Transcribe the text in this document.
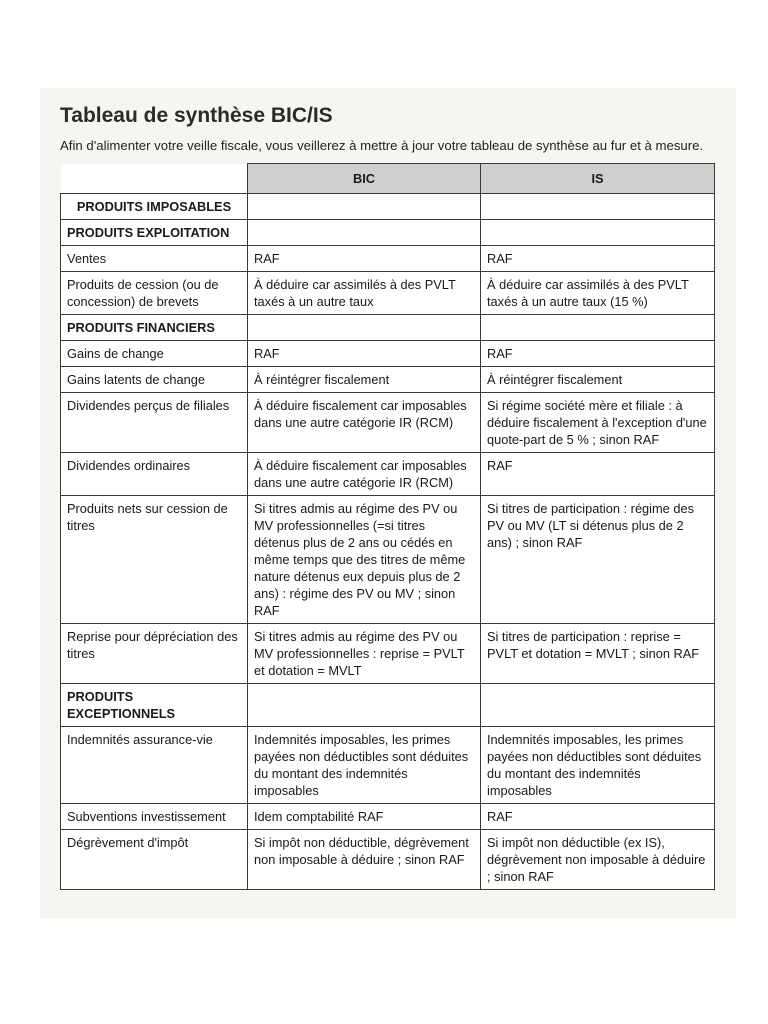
Tableau de synthèse BIC/IS

Afin d'alimenter votre veille fiscale, vous veillerez à mettre à jour votre tableau de synthèse au fur et à mesure.

	BIC	IS
PRODUITS IMPOSABLES		
PRODUITS EXPLOITATION		
Ventes	RAF	RAF
Produits de cession (ou de concession) de brevets	À déduire car assimilés à des PVLT taxés à un autre taux	À déduire car assimilés à des PVLT taxés à un autre taux (15 %)
PRODUITS FINANCIERS		
Gains de change	RAF	RAF
Gains latents de change	À réintégrer fiscalement	À réintégrer fiscalement
Dividendes perçus de filiales	À déduire fiscalement car imposables dans une autre catégorie IR (RCM)	Si régime société mère et filiale : à déduire fiscalement à l'exception d'une quote-part de 5 % ; sinon RAF
Dividendes ordinaires	À déduire fiscalement car imposables dans une autre catégorie IR (RCM)	RAF
Produits nets sur cession de titres	Si titres admis au régime des PV ou MV professionnelles (=si titres détenus plus de 2 ans ou cédés en même temps que des titres de même nature détenus eux depuis plus de 2 ans) : régime des PV ou MV ; sinon RAF	Si titres de participation : régime des PV ou MV (LT si détenus plus de 2 ans) ; sinon RAF
Reprise pour dépréciation des titres	Si titres admis au régime des PV ou MV professionnelles : reprise = PVLT et dotation = MVLT	Si titres de participation : reprise = PVLT et dotation = MVLT ; sinon RAF
PRODUITS EXCEPTIONNELS		
Indemnités assurance-vie	Indemnités imposables, les primes payées non déductibles sont déduites du montant des indemnités imposables	Indemnités imposables, les primes payées non déductibles sont déduites du montant des indemnités imposables
Subventions investissement	Idem comptabilité RAF	RAF
Dégrèvement d'impôt	Si impôt non déductible, dégrèvement non imposable à déduire ; sinon RAF	Si impôt non déductible (ex IS), dégrèvement non imposable à déduire ; sinon RAF
